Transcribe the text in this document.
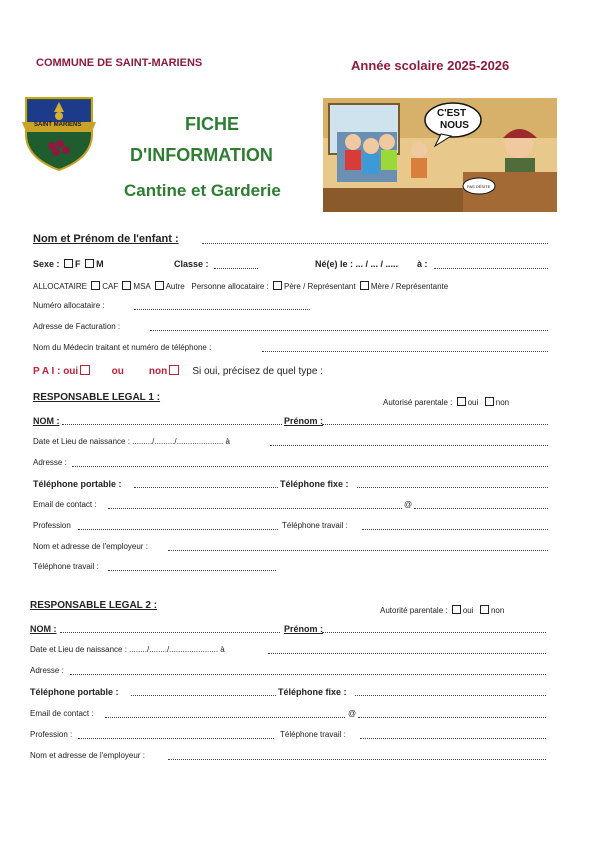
COMMUNE DE SAINT-MARIENS	Année scolaire 2025-2026
SAINT MARIENS	FICHE
D'INFORMATION
Cantine et Garderie
C'EST
NOUS
PAS DÉSITE
Nom et Prénom de l'enfant :
Sexe : F M	Classe :	Né(e) le : ... / ... / ..... à :
ALLOCATAIRE CAF MSA Autre Personne allocataire : Père / Représentant Mère / Représentante
Numéro allocataire :
Adresse de Facturation :
Nom du Médecin traitant et numéro de téléphone :
P A I : oui	ou	non	Si oui, précisez de quel type :
RESPONSABLE LEGAL 1 :	Autorisé parentale : oui non
NOM :	Prénom :
Date et Lieu de naissance : ........./........./..................... à
Adresse :
Téléphone portable :	Téléphone fixe :
Email de contact :	@
Profession	Téléphone travail :
Nom et adresse de l'employeur :
Téléphone travail :
RESPONSABLE LEGAL 2 :	Autorité parentale : oui non
NOM :	Prénom :
Date et Lieu de naissance : ......../......../...................... à
Adresse :
Téléphone portable :	Téléphone fixe :
Email de contact :	@
Profession :	Téléphone travail :
Nom et adresse de l'employeur :
